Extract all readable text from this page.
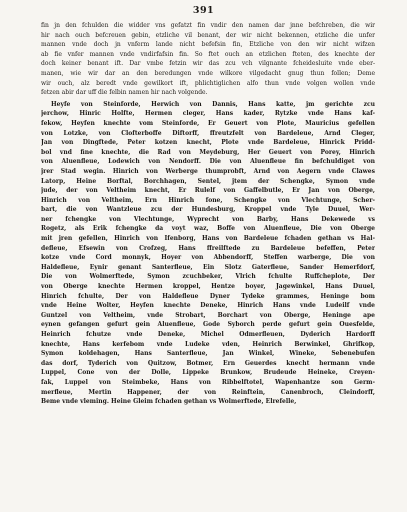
391
fin jn den fchulden die widder vns gefatzt fin vndir den namen dar jnne befchreben, die wir
hir nach ouch befcreuen gebin, etzliche vil benant, der wir nicht bekennen, etzliche die unfer
mannen vnde doch jn vnferm lande nicht befefsin fin, Etzliche von den wir nicht wifzen
ab fie vnfer mannen vnde vndirfafsin fin. So ftet ouch an etzlichen fteten, des knechte der
doch keiner benant ift. Dar vmbe fetzin wir das zcu vch vilgnante fcheidesluite vnde eber-
manen, wie wir dar an den beredungen vnde wilkore vilgedacht gnug thun follen; Deme
wir ouch, alz beredt vnde gewilkort ift, phlichtiglichen alfo thun vnde volgen wollen vnde
fetzen abir dar uff die felbin namen hir nach volgende.
Heyfe von Steinforde, Herwich von Dannis, Hans katte, jm gerichte zcu
jerchow, Hinric Holfte, Hermen cleger, Hans kader, Rytzke vnde Hans kaf-
fekow, Heyfen knechte vom Steinforde, Er Geuert von Plote, Mauricius gefellen
von Lotzke, von Clofterboffe Diftorff, ffreutzfelt von Bardeleue, Arnd Cleger,
Jan von Dingftede, Peter kotzen knecht, Plote vnde Bardeleue, Hinrick Pridd-
bol vnd fine knechte, die Rad von Meydeburg, Her Geuert von Porey, Hinrich
von Aluenfleue, Lodewich von Nendorff. Die von Aluenfleue fin befchuldiget von
jrer Stad wegin. Hinrich von Werberge thumprobft, Arnd von Aegern vnde Clawes
Latorp, Heine Borftal, Borchhagen, Sentel, jtem der Schengke, Symon vnde
jude, der von Veltheim knecht, Er Rulelf von Gaffelbutle, Er Jan von Oberge,
Hinrich von Veltheim, Ern Hinrich fone, Schengke von Vlechtunge, Scher-
bart, die von Wantzleue zcu der Hundesburg, Kroppel vnde Tyle Duuel, Wer-
ner fchengke von Vlechtunge, Wyprecht von Barby, Hans Dekewede vs
Rogetz, als Erik fchengke da voyt waz, Boffe von Aluenfleue, Die von Oberge
mit jren gefellen, Hinrich von Ifenborg, Hans von Bardeleue fchaden gethan vs Hal-
defleue, Efsewin von Crofzeg, Hans ffreilftede zu Bardeleue befeffen, Peter
kotze vnde Cord monnyk, Hoyer von Abbendorff, Steffen warberge, Die von
Haldefleue, Eynir genant Santerfleue, Ein Slotz Gaterfleue, Sander Hemerfdorf,
Die von Wolmerftede, Symon zcuchbeker, Vlrich fchulte Ruffcheplote, Der
von Oberge knechte Hermen kroppel, Hentze boyer, Jagewinkel, Hans Duuel,
Hinrich fchulte, Der von Haldefleue Dyner Tydeke grammes, Heninge bom
vnde Heine Wolter, Heyfen knechte Deneke, Hinrich Hans vnde Ludeilf vnde
Guntzel von Veltheim, vnde Strobart, Borchart von Oberge, Heninge ape
eynen gefangen gefurt gein Aluenfleue, Gode Syborch perde gefurt gein Ouesfelde,
Heinrich fchutze vnde Deneke, Michel Odmerfleuen, Dyderich Hardorff
knechte, Hans kerfebom vnde Ludeke vden, Heinrich Berwinkel, Ghrifkop,
Symon koldehagen, Hans Santerfleue, Jan Winkel, Wineke, Sebenebufen
das dorf, Tyderich von Quitzow, Botmer, Ern Geuerdes knecht hermann vnde
Luppel, Cone von der Dolle, Lippeke Brunkow, Brudeude Heineke, Creyen-
fak, Luppel von Steimbeke, Hans von Ribbelftotel, Wapenhantze son Germ-
merfleue, Mertin Happener, der von Reinftein, Canenbroch, Cleindorff,
Beme vnde vleming. Heine Gleim fchaden gethan vs Wolmerftede, Elrefelle,
